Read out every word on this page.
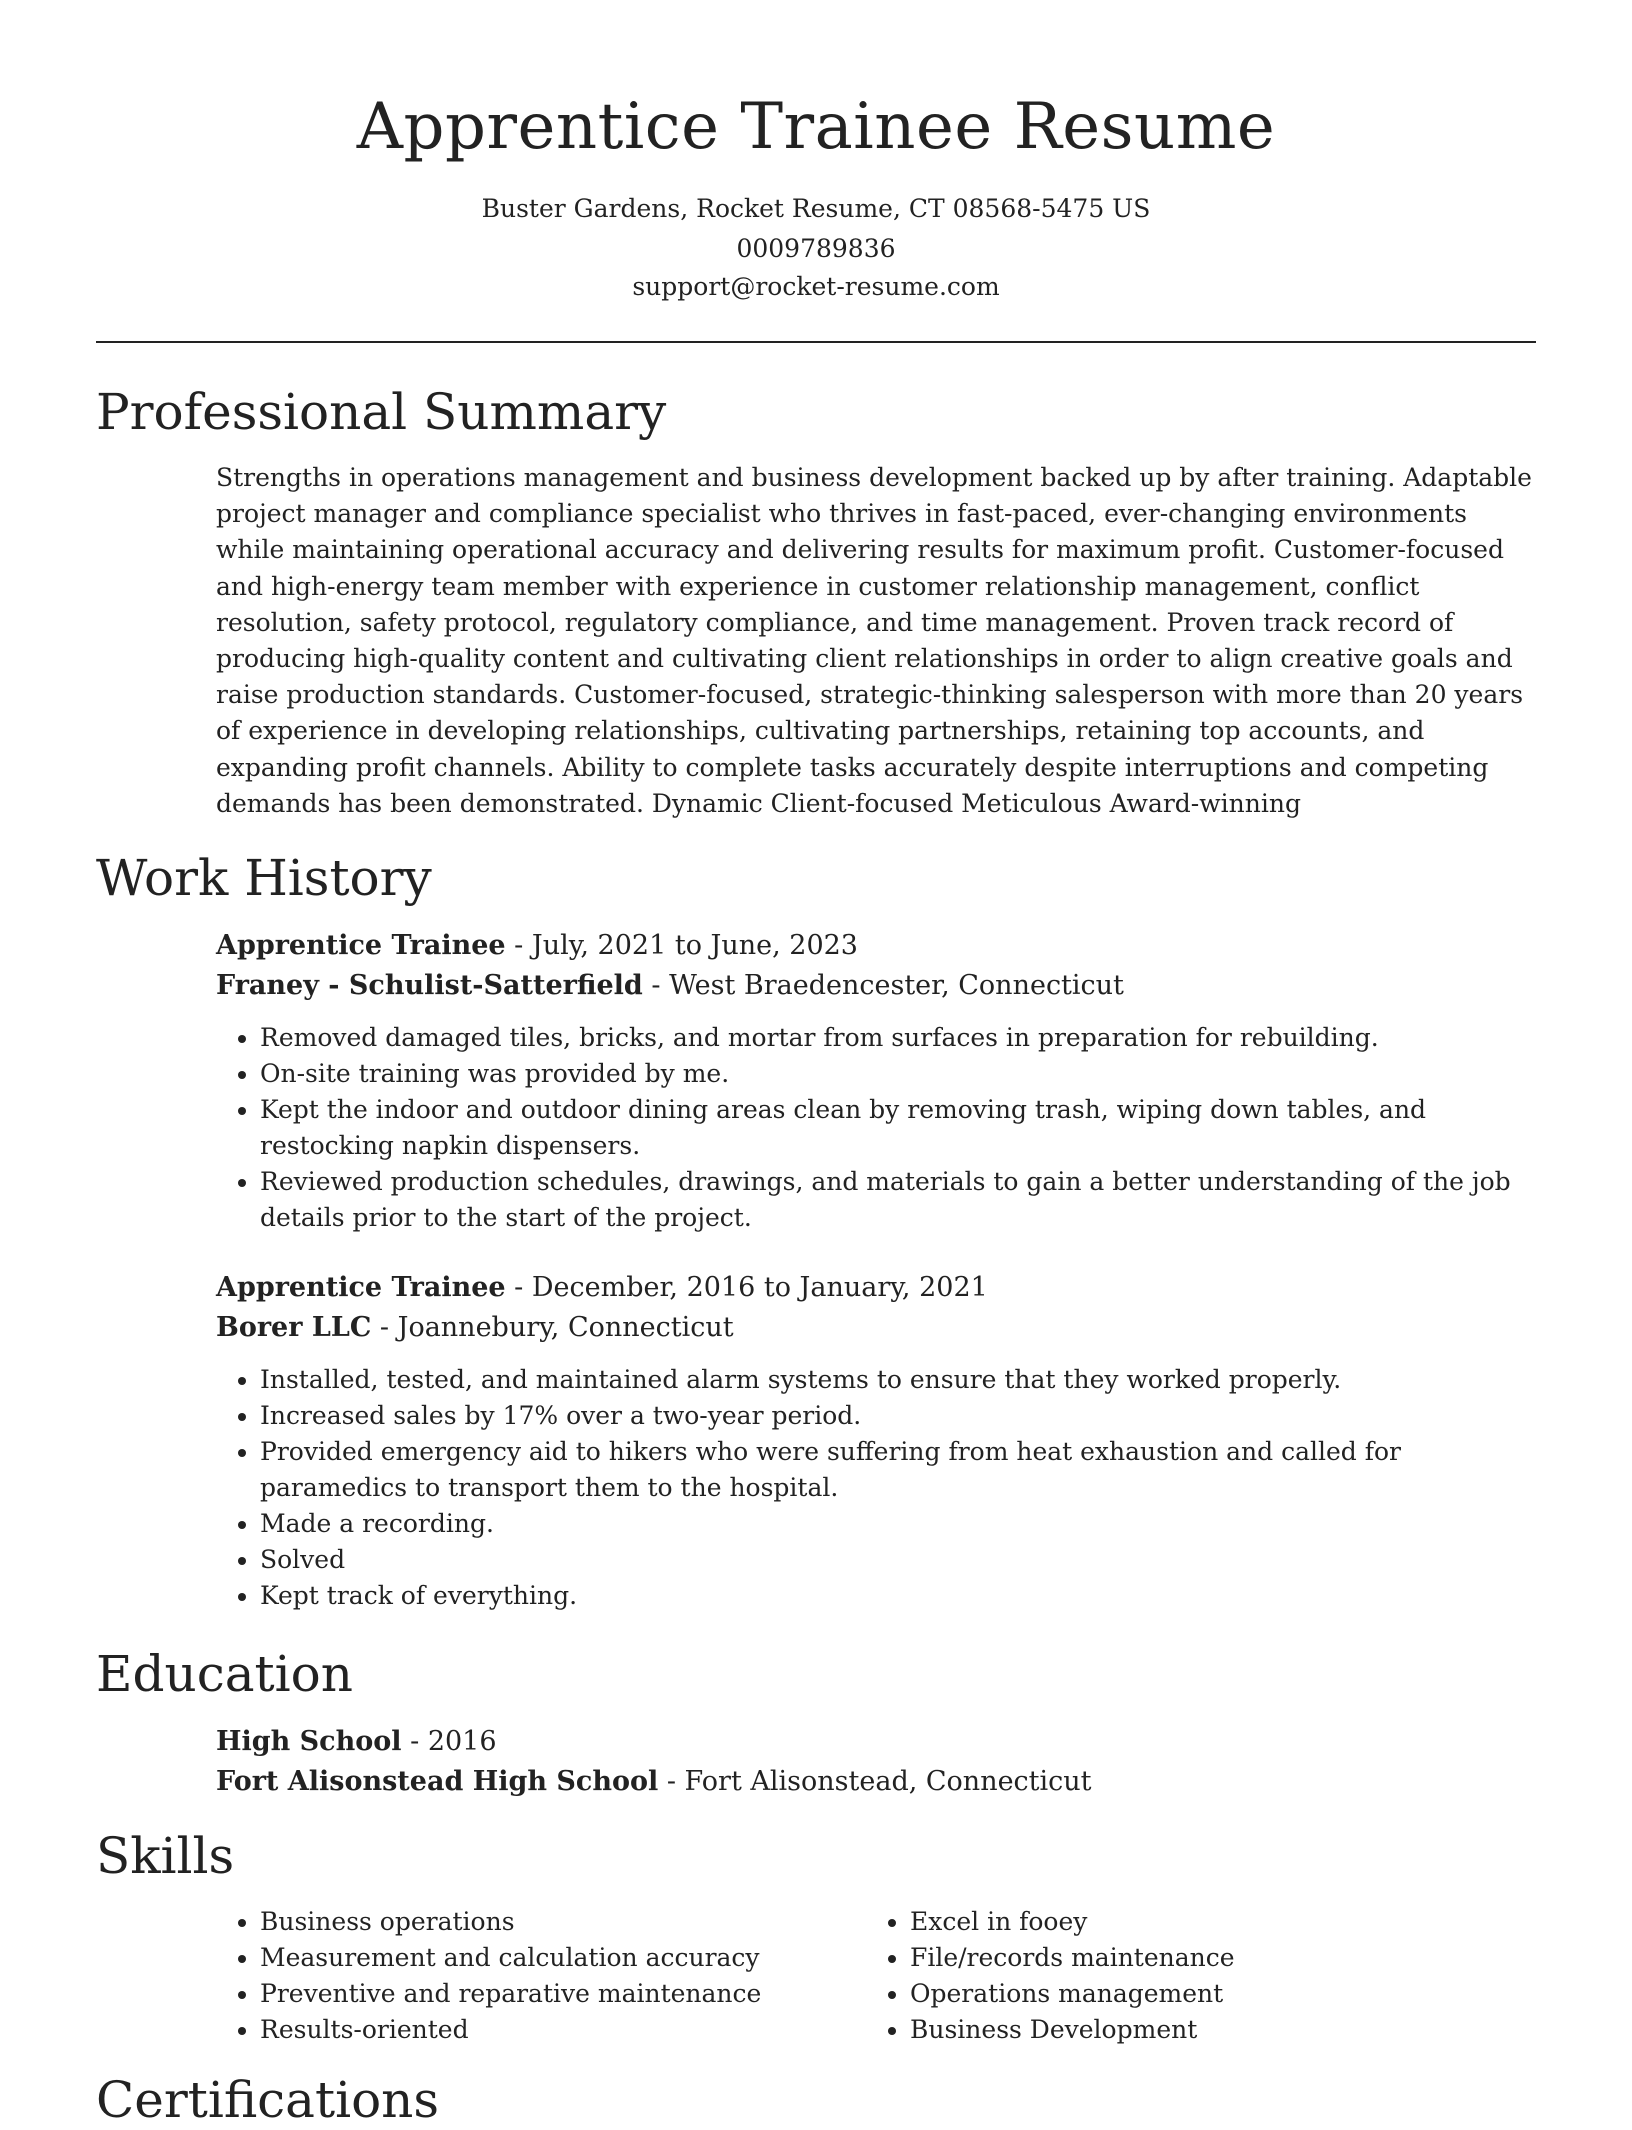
Apprentice Trainee Resume
Buster Gardens, Rocket Resume, CT 08568-5475 US
0009789836
support@rocket-resume.com
Professional Summary
Strengths in operations management and business development backed up by after training. Adaptable project manager and compliance specialist who thrives in fast-paced, ever-changing environments while maintaining operational accuracy and delivering results for maximum profit. Customer-focused and high-energy team member with experience in customer relationship management, conflict resolution, safety protocol, regulatory compliance, and time management. Proven track record of producing high-quality content and cultivating client relationships in order to align creative goals and raise production standards. Customer-focused, strategic-thinking salesperson with more than 20 years of experience in developing relationships, cultivating partnerships, retaining top accounts, and expanding profit channels. Ability to complete tasks accurately despite interruptions and competing demands has been demonstrated. Dynamic Client-focused Meticulous Award-winning
Work History
Apprentice Trainee - July, 2021 to June, 2023
Franey - Schulist-Satterfield - West Braedencester, Connecticut
• Removed damaged tiles, bricks, and mortar from surfaces in preparation for rebuilding.
• On-site training was provided by me.
• Kept the indoor and outdoor dining areas clean by removing trash, wiping down tables, and restocking napkin dispensers.
• Reviewed production schedules, drawings, and materials to gain a better understanding of the job details prior to the start of the project.
Apprentice Trainee - December, 2016 to January, 2021
Borer LLC - Joannebury, Connecticut
• Installed, tested, and maintained alarm systems to ensure that they worked properly.
• Increased sales by 17% over a two-year period.
• Provided emergency aid to hikers who were suffering from heat exhaustion and called for paramedics to transport them to the hospital.
• Made a recording.
• Solved
• Kept track of everything.
Education
High School - 2016
Fort Alisonstead High School - Fort Alisonstead, Connecticut
Skills
• Business operations
• Measurement and calculation accuracy
• Preventive and reparative maintenance
• Results-oriented
• Excel in fooey
• File/records maintenance
• Operations management
• Business Development
Certifications
